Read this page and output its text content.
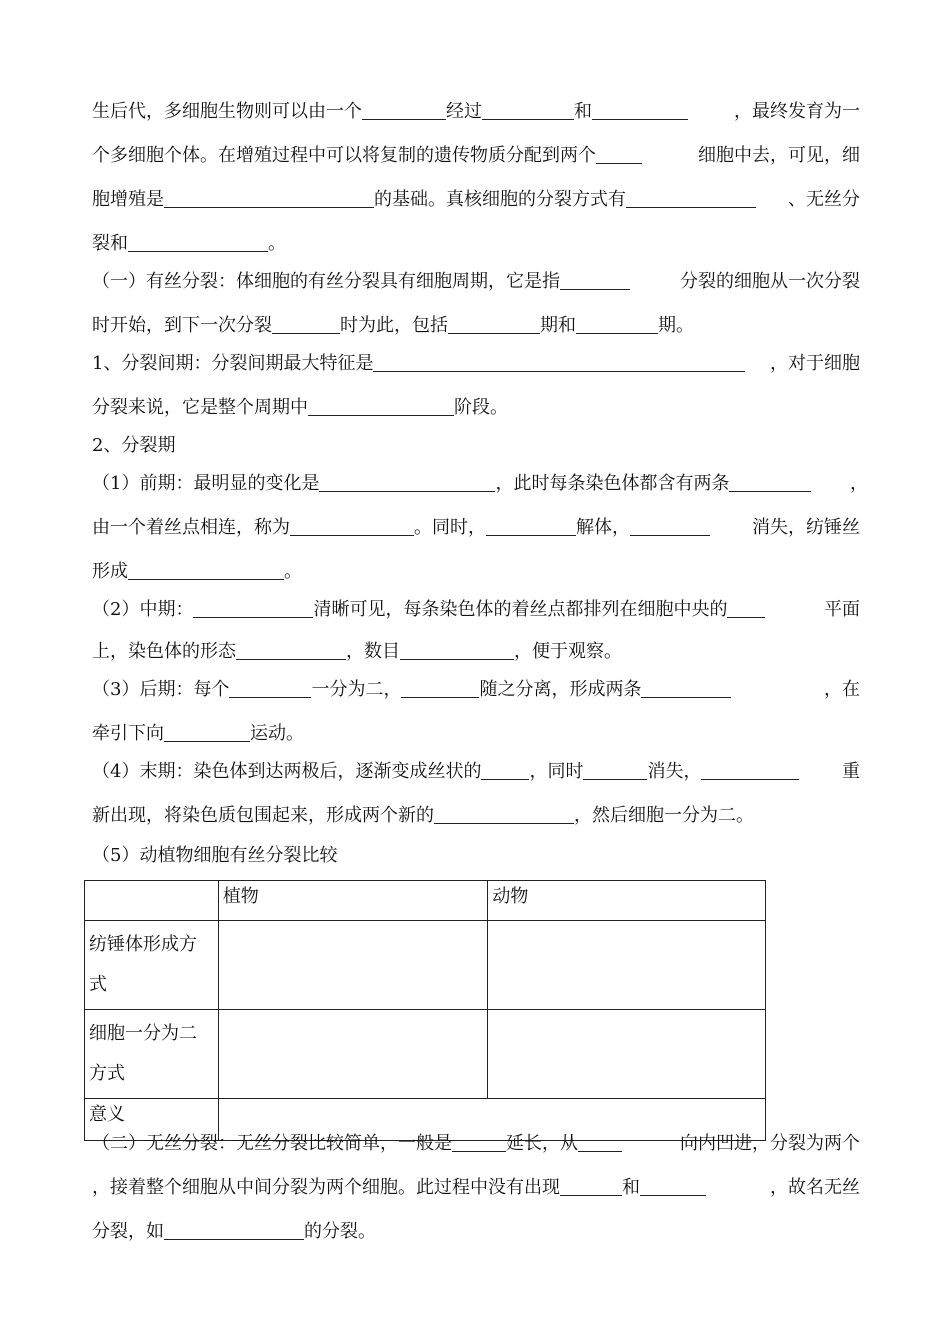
生后代，多细胞生物则可以由一个	经过	和	，最终发育为一
个多细胞个体。在增殖过程中可以将复制的遗传物质分配到两个	细胞中去，可见，细
胞增殖是	的基础。真核细胞的分裂方式有	、无丝分
裂和	。
（一）有丝分裂：体细胞的有丝分裂具有细胞周期，它是指	分裂的细胞从一次分裂
时开始，到下一次分裂	时为此，包括	期和	期。
1、分裂间期：分裂间期最大特征是	，对于细胞
分裂来说，它是整个周期中	阶段。
2、分裂期
（1）前期：最明显的变化是	，此时每条染色体都含有两条	，
由一个着丝点相连，称为	。同时，	解体，	消失，纺锤丝
形成	。
（2）中期：	清晰可见，每条染色体的着丝点都排列在细胞中央的	平面
上，染色体的形态	，数目	，便于观察。
（3）后期：每个	一分为二，	随之分离，形成两条	，在
牵引下向	运动。
（4）末期：染色体到达两极后，逐渐变成丝状的	，同时	消失，	重
新出现，将染色质包围起来，形成两个新的	，然后细胞一分为二。
（5）动植物细胞有丝分裂比较
	植物	动物
纺锤体形成方式		
细胞一分为二方式		
意义		
（二）无丝分裂：无丝分裂比较简单，一般是	延长，从	向内凹进，分裂为两个
，接着整个细胞从中间分裂为两个细胞。此过程中没有出现	和	，故名无丝
分裂，如	的分裂。
